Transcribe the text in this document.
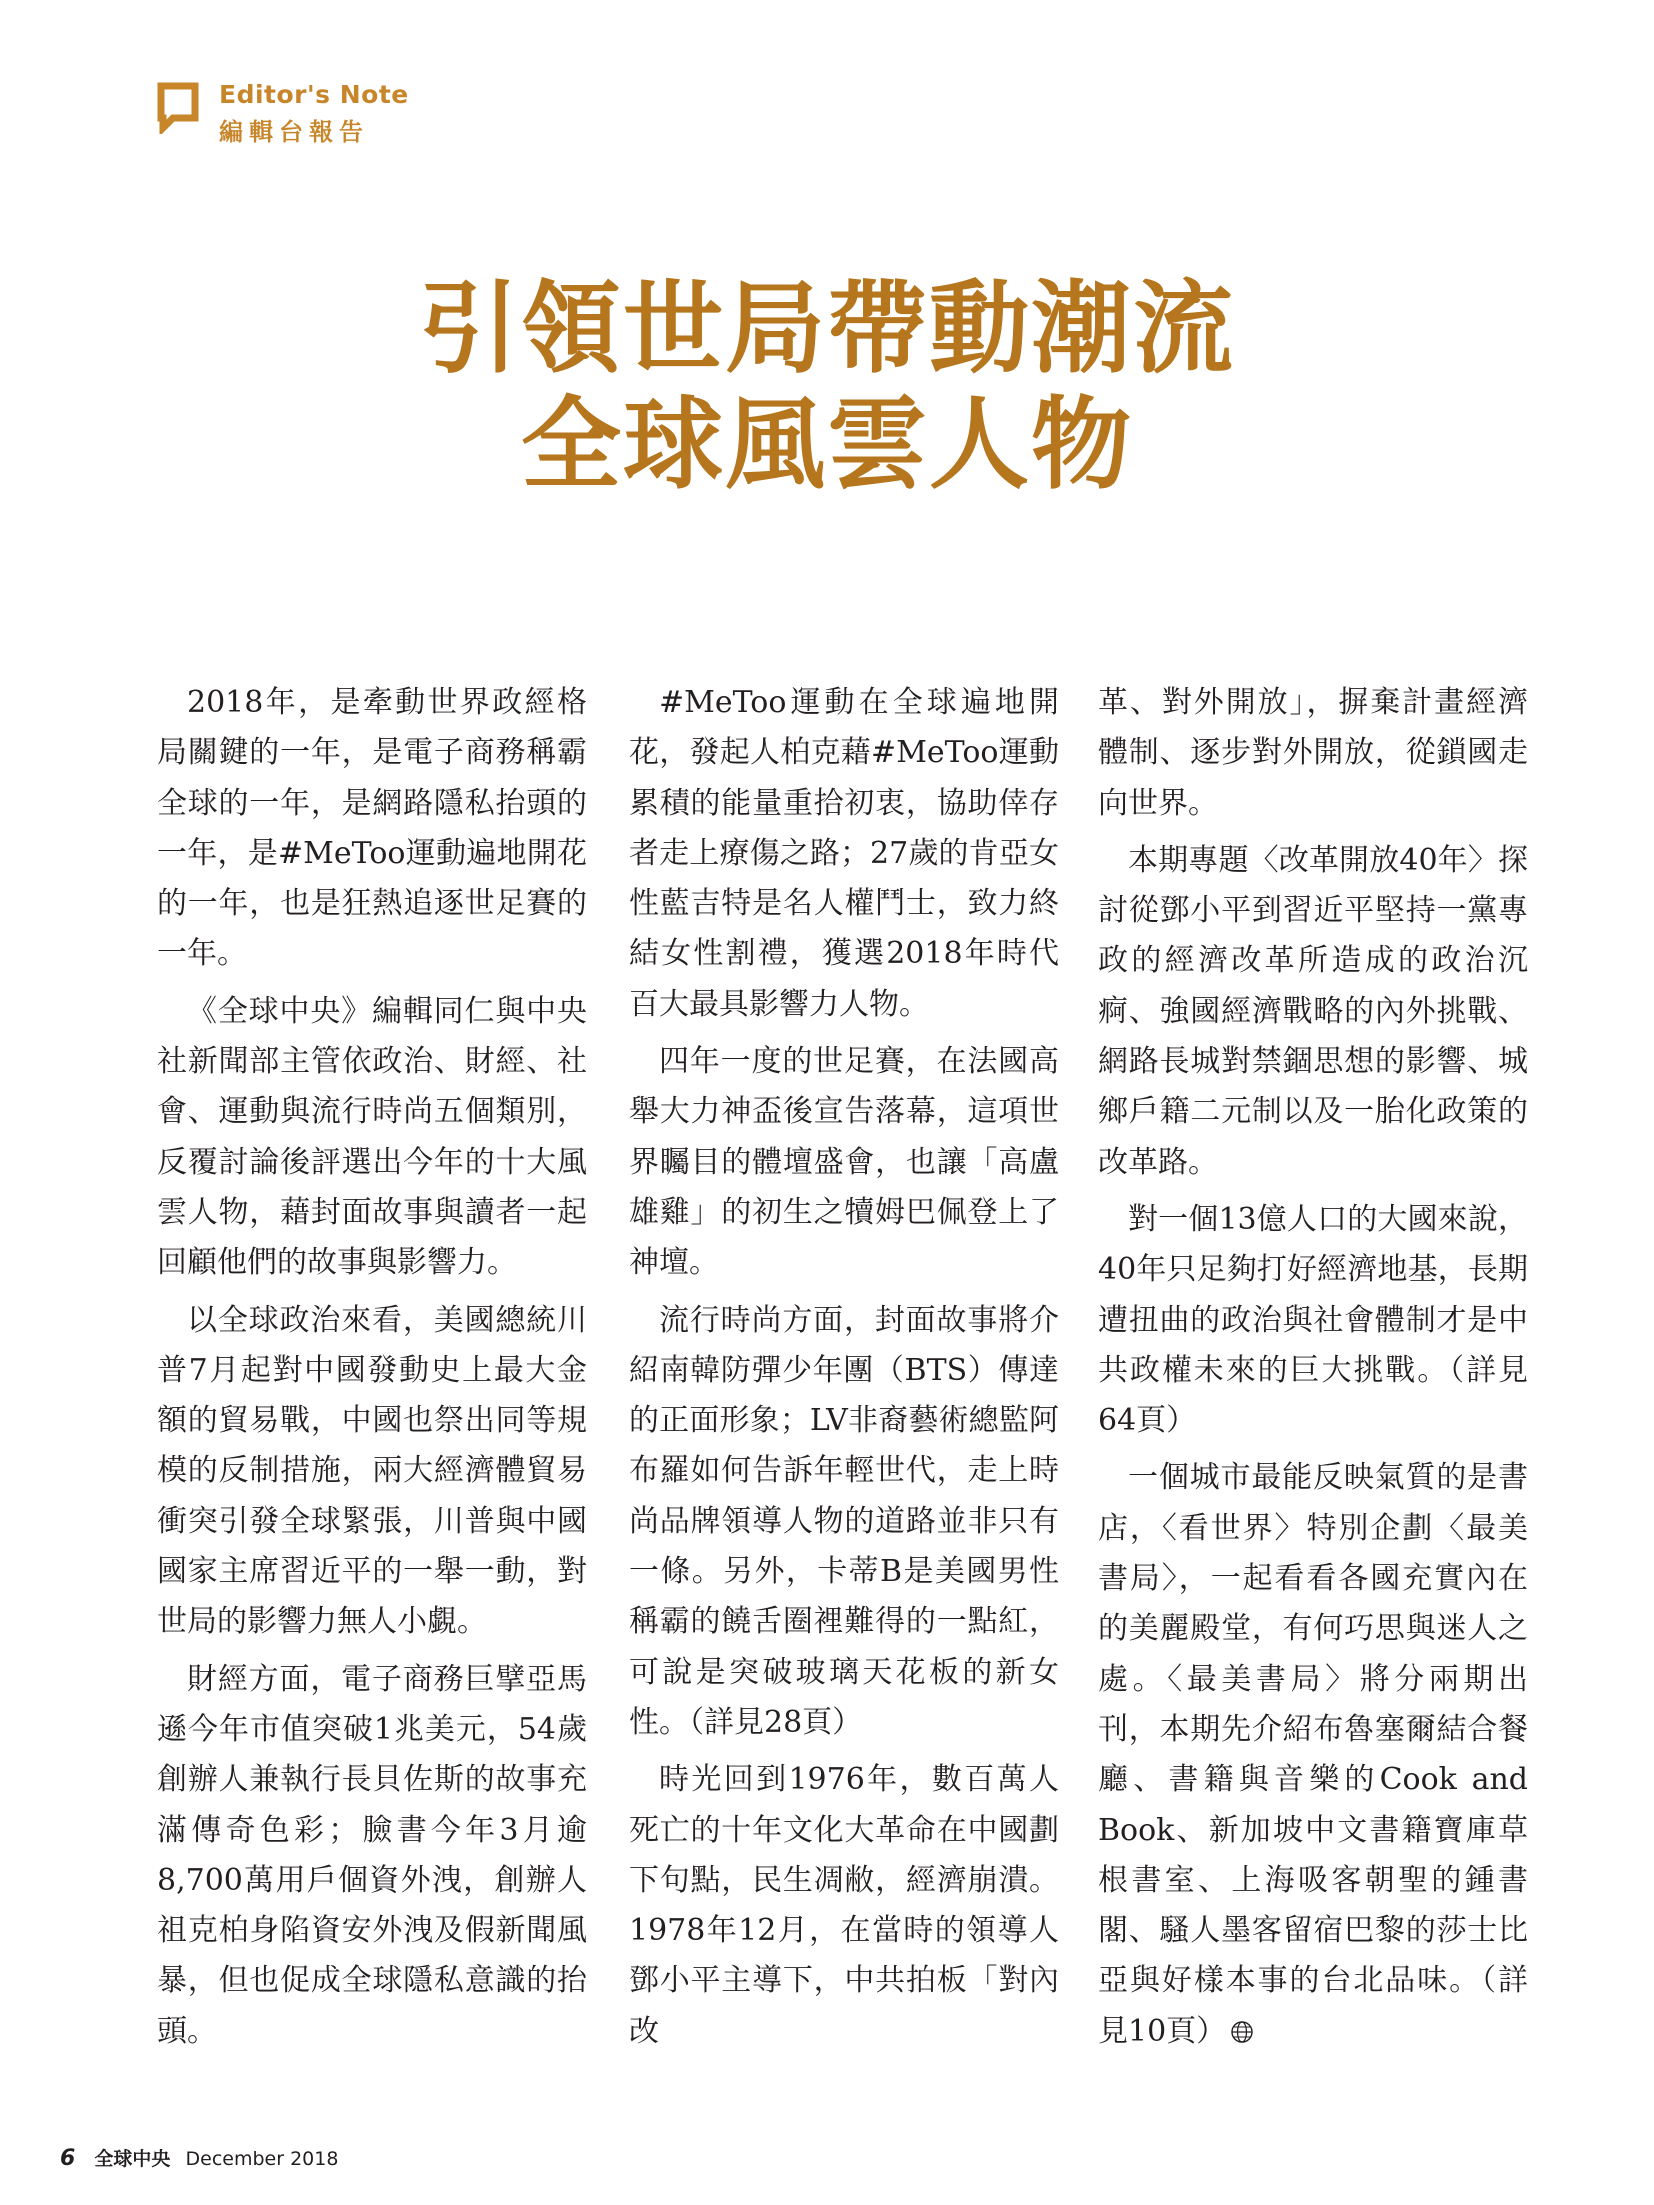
Editor's Note
編輯台報告
引領世局帶動潮流
全球風雲人物

2018年，是牽動世界政經格局關鍵的一年，是電子商務稱霸全球的一年，是網路隱私抬頭的一年，是#MeToo運動遍地開花的一年，也是狂熱追逐世足賽的一年。

《全球中央》編輯同仁與中央社新聞部主管依政治、財經、社會、運動與流行時尚五個類別，反覆討論後評選出今年的十大風雲人物，藉封面故事與讀者一起回顧他們的故事與影響力。

以全球政治來看，美國總統川普7月起對中國發動史上最大金額的貿易戰，中國也祭出同等規模的反制措施，兩大經濟體貿易衝突引發全球緊張，川普與中國國家主席習近平的一舉一動，對世局的影響力無人小覷。

財經方面，電子商務巨擘亞馬遜今年市值突破1兆美元，54歲創辦人兼執行長貝佐斯的故事充滿傳奇色彩；臉書今年3月逾8,700萬用戶個資外洩，創辦人祖克柏身陷資安外洩及假新聞風暴，但也促成全球隱私意識的抬頭。

#MeToo運動在全球遍地開花，發起人柏克藉#MeToo運動累積的能量重拾初衷，協助倖存者走上療傷之路；27歲的肯亞女性藍吉特是名人權鬥士，致力終結女性割禮，獲選2018年時代百大最具影響力人物。

四年一度的世足賽，在法國高舉大力神盃後宣告落幕，這項世界矚目的體壇盛會，也讓「高盧雄雞」的初生之犢姆巴佩登上了神壇。

流行時尚方面，封面故事將介紹南韓防彈少年團（BTS）傳達的正面形象；LV非裔藝術總監阿布羅如何告訴年輕世代，走上時尚品牌領導人物的道路並非只有一條。另外，卡蒂B是美國男性稱霸的饒舌圈裡難得的一點紅，可說是突破玻璃天花板的新女性。（詳見28頁）

時光回到1976年，數百萬人死亡的十年文化大革命在中國劃下句點，民生凋敝，經濟崩潰。1978年12月，在當時的領導人鄧小平主導下，中共拍板「對內改

革、對外開放」，摒棄計畫經濟體制、逐步對外開放，從鎖國走向世界。

本期專題〈改革開放40年〉探討從鄧小平到習近平堅持一黨專政的經濟改革所造成的政治沉痾、強國經濟戰略的內外挑戰、網路長城對禁錮思想的影響、城鄉戶籍二元制以及一胎化政策的改革路。

對一個13億人口的大國來說，40年只足夠打好經濟地基，長期遭扭曲的政治與社會體制才是中共政權未來的巨大挑戰。（詳見64頁）

一個城市最能反映氣質的是書店，〈看世界〉特別企劃〈最美書局〉，一起看看各國充實內在的美麗殿堂，有何巧思與迷人之處。〈最美書局〉將分兩期出刊，本期先介紹布魯塞爾結合餐廳、書籍與音樂的Cook and Book、新加坡中文書籍寶庫草根書室、上海吸客朝聖的鍾書閣、騷人墨客留宿巴黎的莎士比亞與好樣本事的台北品味。（詳見10頁）

6 全球中央 December 2018
